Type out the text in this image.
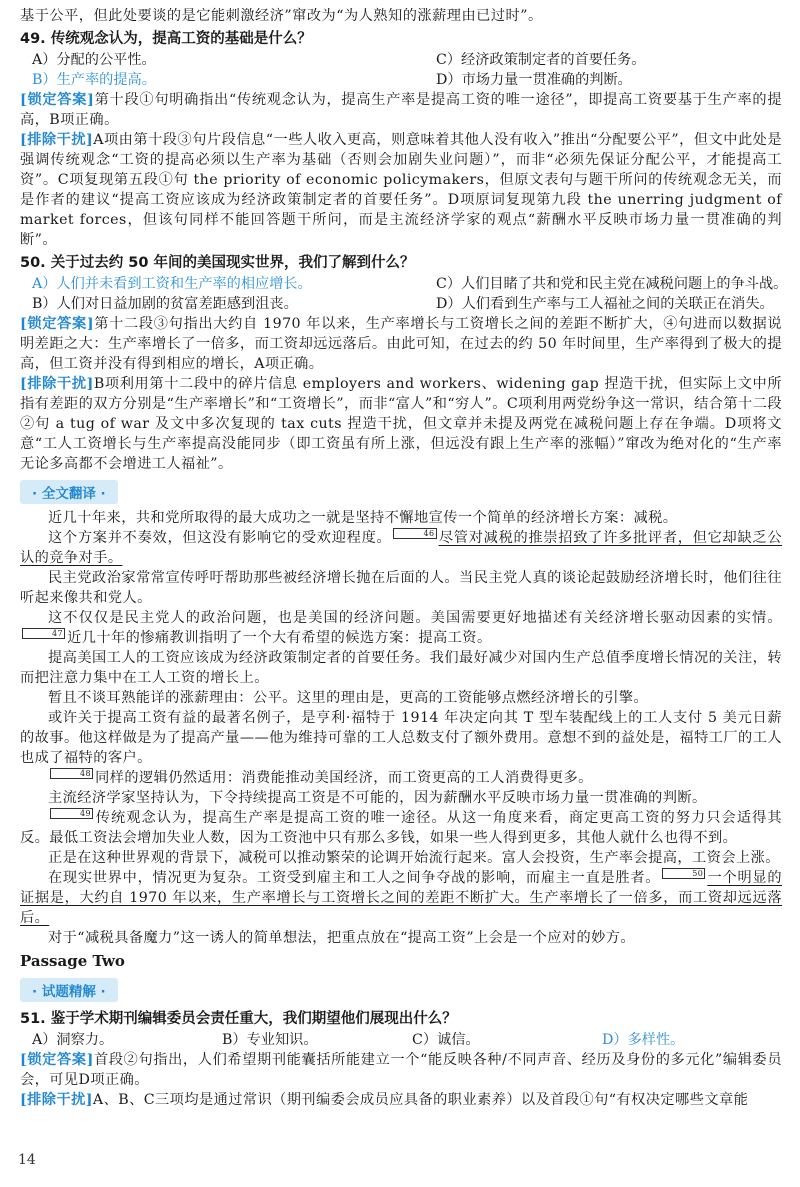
基于公平，但此处要谈的是它能刺激经济”窜改为“为人熟知的涨薪理由已过时”。

49. 传统观念认为，提高工资的基础是什么？

A）分配的公平性。	C）经济政策制定者的首要任务。
B）生产率的提高。	D）市场力量一贯准确的判断。

[锁定答案]第十段①句明确指出“传统观念认为，提高生产率是提高工资的唯一途径”，即提高工资要基于生产率的提高，B项正确。

[排除干扰]A项由第十段③句片段信息“一些人收入更高，则意味着其他人没有收入”推出“分配要公平”，但文中此处是强调传统观念“工资的提高必须以生产率为基础（否则会加剧失业问题）”，而非“必须先保证分配公平，才能提高工资”。C项复现第五段①句 the priority of economic policymakers，但原文表句与题干所问的传统观念无关，而是作者的建议“提高工资应该成为经济政策制定者的首要任务”。D项原词复现第九段 the unerring judgment of market forces，但该句同样不能回答题干所问，而是主流经济学家的观点“薪酬水平反映市场力量一贯准确的判断”。

50. 关于过去约 50 年间的美国现实世界，我们了解到什么？

A）人们并未看到工资和生产率的相应增长。	C）人们目睹了共和党和民主党在减税问题上的争斗战。
B）人们对日益加剧的贫富差距感到沮丧。	D）人们看到生产率与工人福祉之间的关联正在消失。

[锁定答案]第十二段③句指出大约自 1970 年以来，生产率增长与工资增长之间的差距不断扩大，④句进而以数据说明差距之大：生产率增长了一倍多，而工资却远远落后。由此可知，在过去的约 50 年时间里，生产率得到了极大的提高，但工资并没有得到相应的增长，A项正确。

[排除干扰]B项利用第十二段中的碎片信息 employers and workers、widening gap 捏造干扰，但实际上文中所指有差距的双方分别是“生产率增长”和“工资增长”，而非“富人”和“穷人”。C项利用两党纷争这一常识，结合第十二段②句 a tug of war 及文中多次复现的 tax cuts 捏造干扰，但文章并未提及两党在减税问题上存在争端。D项将文意“工人工资增长与生产率提高没能同步（即工资虽有所上涨，但远没有跟上生产率的涨幅）”窜改为绝对化的“生产率无论多高都不会增进工人福祉”。

· 全文翻译 ·

近几十年来，共和党所取得的最大成功之一就是坚持不懈地宣传一个简单的经济增长方案：减税。

这个方案并不奏效，但这没有影响它的受欢迎程度。	46 尽管对减税的推崇招致了许多批评者，但它却缺乏公认的竞争对手。

民主党政治家常常宣传呼吁帮助那些被经济增长抛在后面的人。当民主党人真的谈论起鼓励经济增长时，他们往往听起来像共和党人。

这不仅仅是民主党人的政治问题，也是美国的经济问题。美国需要更好地描述有关经济增长驱动因素的实情。47 近几十年的惨痛教训指明了一个大有希望的候选方案：提高工资。

提高美国工人的工资应该成为经济政策制定者的首要任务。我们最好减少对国内生产总值季度增长情况的关注，转而把注意力集中在工人工资的增长上。

暂且不谈耳熟能详的涨薪理由：公平。这里的理由是，更高的工资能够点燃经济增长的引擎。

或许关于提高工资有益的最著名例子，是亨利·福特于 1914 年决定向其 T 型车装配线上的工人支付 5 美元日薪的故事。他这样做是为了提高产量——他为维持可靠的工人总数支付了额外费用。意想不到的益处是，福特工厂的工人也成了福特的客户。

48 同样的逻辑仍然适用：消费能推动美国经济，而工资更高的工人消费得更多。

主流经济学家坚持认为，下令持续提高工资是不可能的，因为薪酬水平反映市场力量一贯准确的判断。

49 传统观念认为，提高生产率是提高工资的唯一途径。从这一角度来看，商定更高工资的努力只会适得其反。最低工资法会增加失业人数，因为工资池中只有那么多钱，如果一些人得到更多，其他人就什么也得不到。

正是在这种世界观的背景下，减税可以推动繁荣的论调开始流行起来。富人会投资，生产率会提高，工资会上涨。

在现实世界中，情况更为复杂。工资受到雇主和工人之间争夺战的影响，而雇主一直是胜者。	50 一个明显的证据是，大约自 1970 年以来，生产率增长与工资增长之间的差距不断扩大。生产率增长了一倍多，而工资却远远落后。

对于“减税具备魔力”这一诱人的简单想法，把重点放在“提高工资”上会是一个应对的妙方。

Passage Two

· 试题精解 ·

51. 鉴于学术期刊编辑委员会责任重大，我们期望他们展现出什么？

A）洞察力。	B）专业知识。	C）诚信。	D）多样性。

[锁定答案]首段②句指出，人们希望期刊能囊括所能建立一个“能反映各种/不同声音、经历及身份的多元化”编辑委员会，可见D项正确。

[排除干扰]A、B、C三项均是通过常识（期刊编委会成员应具备的职业素养）以及首段①句“有权决定哪些文章能

14
